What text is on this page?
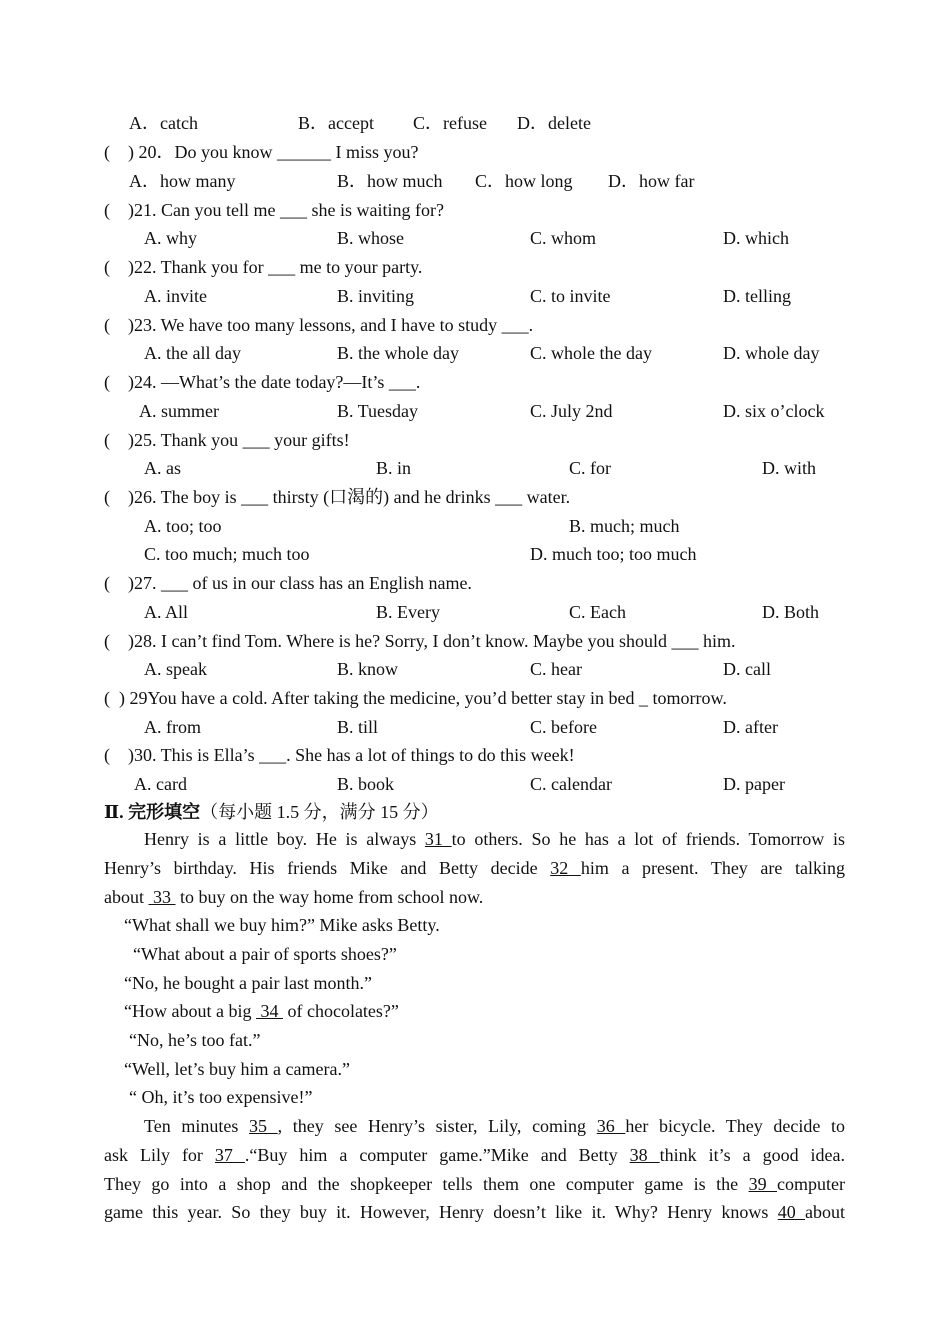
A．catch	B．accept C．refuse D．delete
(    ) 20．Do you know ______ I miss you?
A．how many	B．how much C．how long D．how far
(    )21. Can you tell me ___ she is waiting for?
A. why	B. whose	C. whom	D. which
(    )22. Thank you for ___ me to your party.
A. invite	B. inviting	C. to invite	D. telling
(    )23. We have too many lessons, and I have to study ___.
A. the all day	B. the whole day	C. whole the day	D. whole day
(    )24. —What’s the date today?—It’s ___.
A. summer	B. Tuesday	C. July 2nd	D. six o’clock
(    )25. Thank you ___ your gifts!
A. as	B. in	C. for	D. with
(    )26. The boy is ___ thirsty (口渴的) and he drinks ___ water.
A. too; too	B. much; much
C. too much; much too	D. much too; too much
(    )27. ___ of us in our class has an English name.
A. All	B. Every	C. Each	D. Both
(    )28. I can’t find Tom. Where is he? Sorry, I don’t know. Maybe you should ___ him.
A. speak	B. know	C. hear	D. call
(  ) 29You have a cold. After taking the medicine, you’d better stay in bed _ tomorrow.
A. from	B. till	C. before	D. after
(    )30. This is Ella’s ___. She has a lot of things to do this week!
A. card	B. book	C. calendar	D. paper
Ⅱ. 完形填空（每小题 1.5 分，满分 15 分）
Henry is a little boy. He is always 31 to others. So he has a lot of friends. Tomorrow is
Henry’s birthday. His friends Mike and Betty decide 32 him a present. They are talking
about  33  to buy on the way home from school now.
“What shall we buy him?” Mike asks Betty.
“What about a pair of sports shoes?”
“No, he bought a pair last month.”
“How about a big  34  of chocolates?”
“No, he’s too fat.”
“Well, let’s buy him a camera.”
“ Oh, it’s too expensive!”
Ten minutes 35 , they see Henry’s sister, Lily, coming 36 her bicycle. They decide to
ask Lily for 37 .“Buy him a computer game.”Mike and Betty 38 think it’s a good idea.
They go into a shop and the shopkeeper tells them one computer game is the 39 computer
game this year. So they buy it. However, Henry doesn’t like it. Why? Henry knows 40 about
